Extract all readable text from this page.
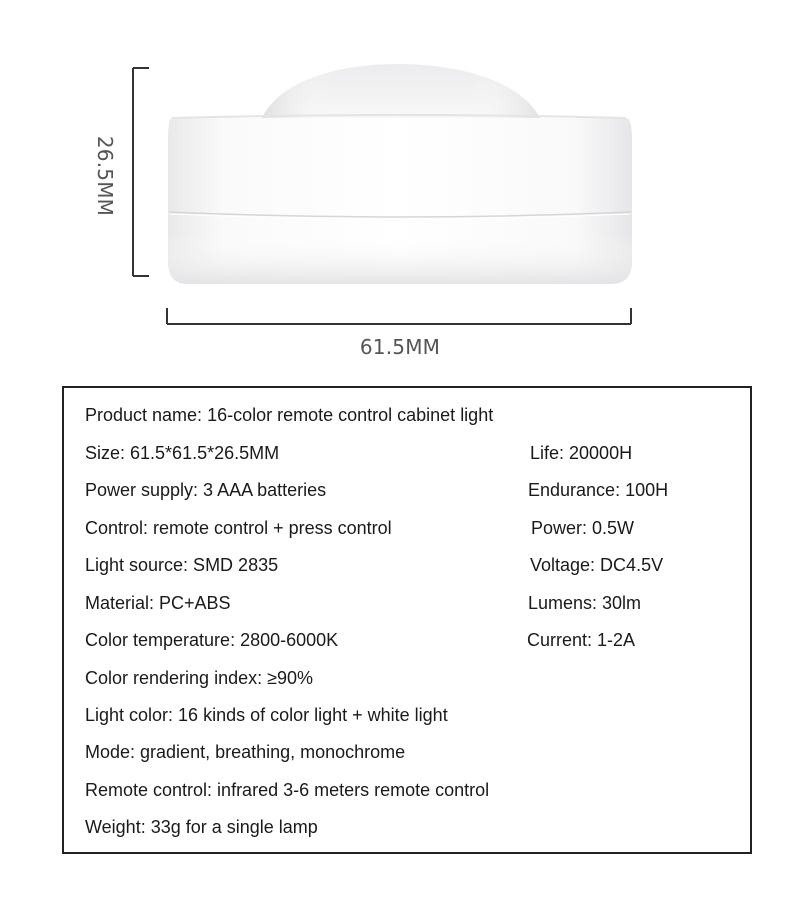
26.5MM
61.5MM
Product name: 16-color remote control cabinet light
Size: 61.5*61.5*26.5MM	Life: 20000H
Power supply: 3 AAA batteries	Endurance: 100H
Control: remote control + press control	Power: 0.5W
Light source: SMD 2835	Voltage: DC4.5V
Material: PC+ABS	Lumens: 30lm
Color temperature: 2800-6000K	Current: 1-2A
Color rendering index: ≥90%
Light color: 16 kinds of color light + white light
Mode: gradient, breathing, monochrome
Remote control: infrared 3-6 meters remote control
Weight: 33g for a single lamp
